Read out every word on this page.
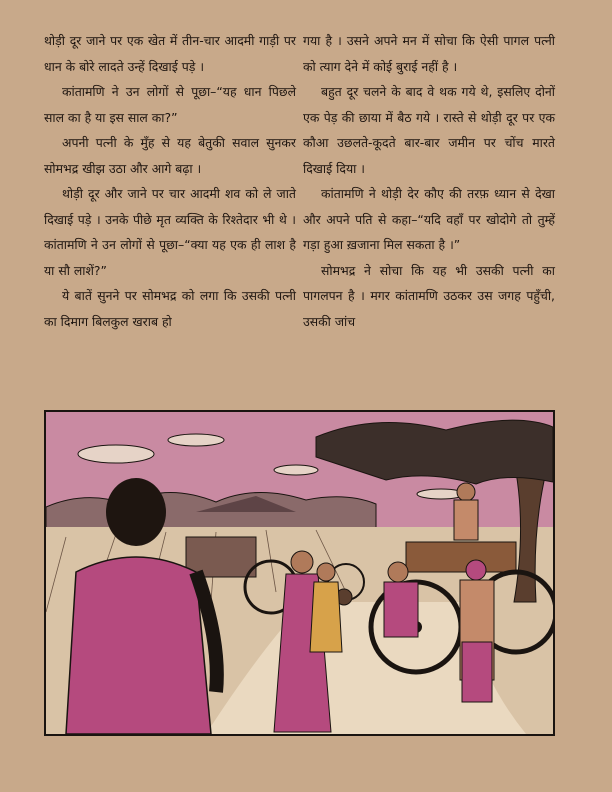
थोड़ी दूर जाने पर एक खेत में तीन-चार आदमी गाड़ी पर धान के बोरे लादते उन्हें दिखाई पड़े ।

कांतामणि ने उन लोगों से पूछा–“यह धान पिछले साल का है या इस साल का?”

अपनी पत्नी के मुँह से यह बेतुकी सवाल सुनकर सोमभद्र खीझ उठा और आगे बढ़ा ।

थोड़ी दूर और जाने पर चार आदमी शव को ले जाते दिखाई पड़े । उनके पीछे मृत व्यक्ति के रिश्तेदार भी थे । कांतामणि ने उन लोगों से पूछा–“क्या यह एक ही लाश है या सौ लाशें?”

ये बातें सुनने पर सोमभद्र को लगा कि उसकी पत्नी का दिमाग बिलकुल खराब हो

गया है । उसने अपने मन में सोचा कि ऐसी पागल पत्नी को त्याग देने में कोई बुराई नहीं है ।

बहुत दूर चलने के बाद वे थक गये थे, इसलिए दोनों एक पेड़ की छाया में बैठ गये । रास्ते से थोड़ी दूर पर एक कौआ उछलते-कूदते बार-बार जमीन पर चोंच मारते दिखाई दिया ।

कांतामणि ने थोड़ी देर कौए की तरफ़ ध्यान से देखा और अपने पति से कहा–“यदि वहाँ पर खोदोगे तो तुम्हें गड़ा हुआ ख़जाना मिल सकता है ।”

सोमभद्र ने सोचा कि यह भी उसकी पत्नी का पागलपन है । मगर कांतामणि उठकर उस जगह पहुँची, उसकी जांच
